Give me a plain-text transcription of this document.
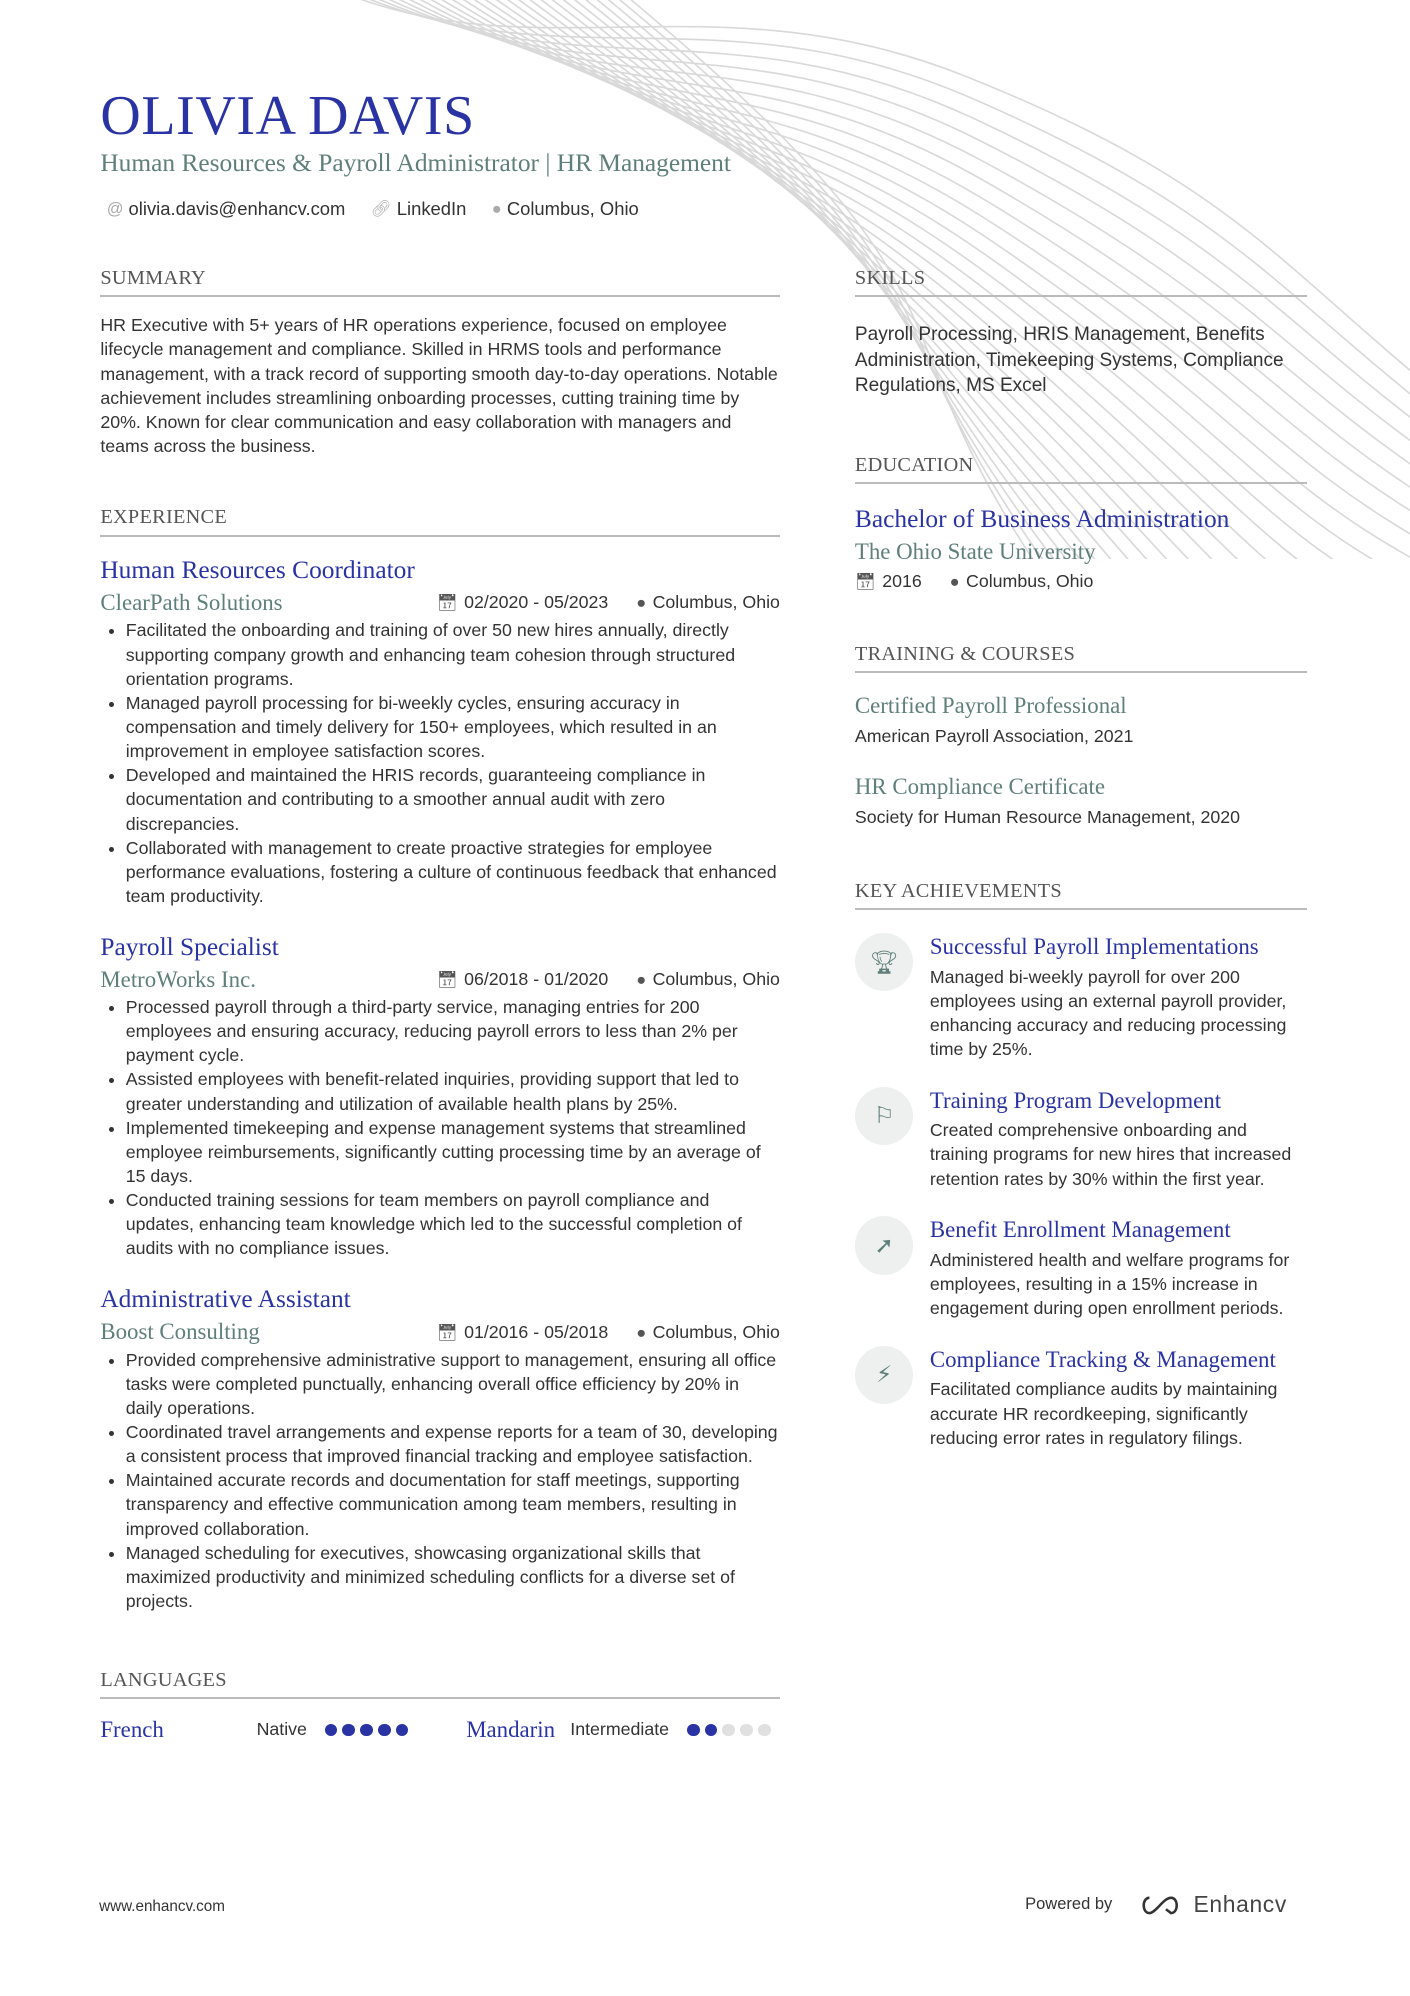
OLIVIA DAVIS
Human Resources & Payroll Administrator | HR Management
@ olivia.davis@enhancv.com 🔗︎ LinkedIn ● Columbus, Ohio
SUMMARY
HR Executive with 5+ years of HR operations experience, focused on employee lifecycle management and compliance. Skilled in HRMS tools and performance management, with a track record of supporting smooth day-to-day operations. Notable achievement includes streamlining onboarding processes, cutting training time by 20%. Known for clear communication and easy collaboration with managers and teams across the business.
EXPERIENCE
Human Resources Coordinator
ClearPath Solutions	📅︎ 02/2020 - 05/2023 ● Columbus, Ohio
• Facilitated the onboarding and training of over 50 new hires annually, directly supporting company growth and enhancing team cohesion through structured orientation programs.
• Managed payroll processing for bi-weekly cycles, ensuring accuracy in compensation and timely delivery for 150+ employees, which resulted in an improvement in employee satisfaction scores.
• Developed and maintained the HRIS records, guaranteeing compliance in documentation and contributing to a smoother annual audit with zero discrepancies.
• Collaborated with management to create proactive strategies for employee performance evaluations, fostering a culture of continuous feedback that enhanced team productivity.
Payroll Specialist
MetroWorks Inc.	📅︎ 06/2018 - 01/2020 ● Columbus, Ohio
• Processed payroll through a third-party service, managing entries for 200 employees and ensuring accuracy, reducing payroll errors to less than 2% per payment cycle.
• Assisted employees with benefit-related inquiries, providing support that led to greater understanding and utilization of available health plans by 25%.
• Implemented timekeeping and expense management systems that streamlined employee reimbursements, significantly cutting processing time by an average of 15 days.
• Conducted training sessions for team members on payroll compliance and updates, enhancing team knowledge which led to the successful completion of audits with no compliance issues.
Administrative Assistant
Boost Consulting	📅︎ 01/2016 - 05/2018 ● Columbus, Ohio
• Provided comprehensive administrative support to management, ensuring all office tasks were completed punctually, enhancing overall office efficiency by 20% in daily operations.
• Coordinated travel arrangements and expense reports for a team of 30, developing a consistent process that improved financial tracking and employee satisfaction.
• Maintained accurate records and documentation for staff meetings, supporting transparency and effective communication among team members, resulting in improved collaboration.
• Managed scheduling for executives, showcasing organizational skills that maximized productivity and minimized scheduling conflicts for a diverse set of projects.
LANGUAGES
French	Native	Mandarin Intermediate
SKILLS
Payroll Processing, HRIS Management, Benefits Administration, Timekeeping Systems, Compliance Regulations, MS Excel
EDUCATION
Bachelor of Business Administration
The Ohio State University
📅︎ 2016 ● Columbus, Ohio
TRAINING & COURSES
Certified Payroll Professional
American Payroll Association, 2021
HR Compliance Certificate
Society for Human Resource Management, 2020
KEY ACHIEVEMENTS
🏆︎
Successful Payroll Implementations
Managed bi-weekly payroll for over 200 employees using an external payroll provider, enhancing accuracy and reducing processing time by 25%.
⚐
Training Program Development
Created comprehensive onboarding and training programs for new hires that increased retention rates by 30% within the first year.
➚
Benefit Enrollment Management
Administered health and welfare programs for employees, resulting in a 15% increase in engagement during open enrollment periods.
⚡︎
Compliance Tracking & Management
Facilitated compliance audits by maintaining accurate HR recordkeeping, significantly reducing error rates in regulatory filings.
www.enhancv.com	Powered by	Enhancv
